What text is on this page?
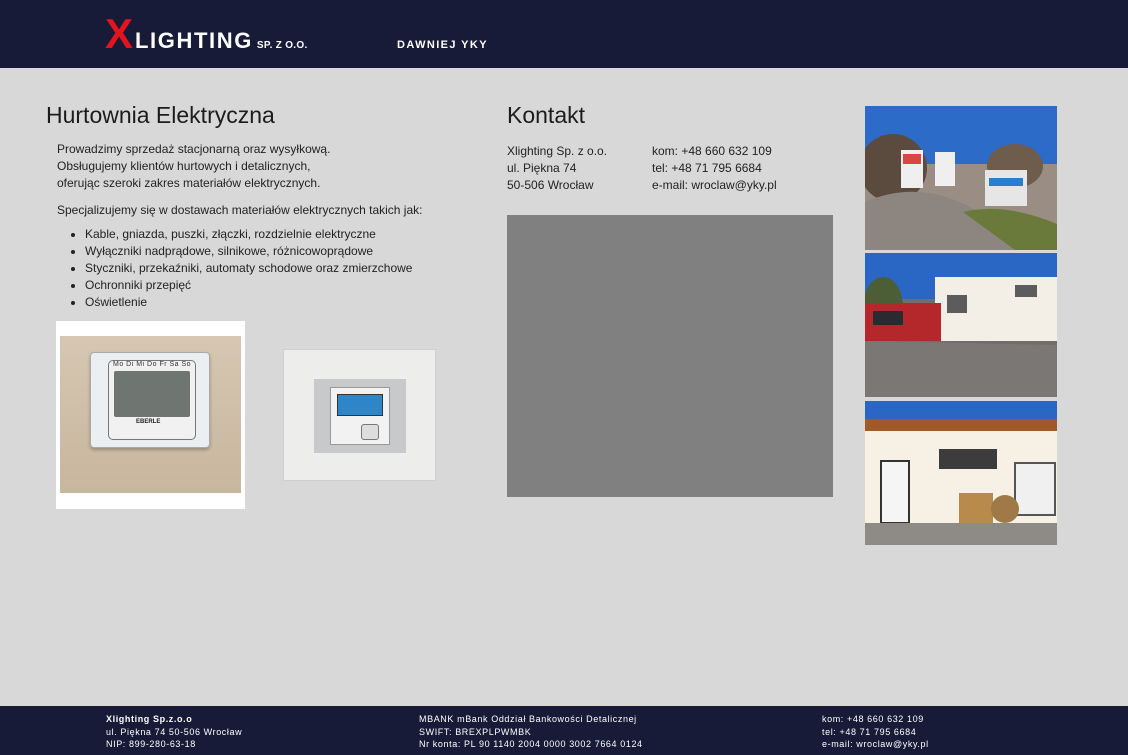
X LIGHTING SP. Z O.O.	DAWNIEJ YKY
Hurtownia Elektryczna
Prowadzimy sprzedaż stacjonarną oraz wysyłkową.
Obsługujemy klientów hurtowych i detalicznych,
oferując szeroki zakres materiałów elektrycznych.
Specjalizujemy się w dostawach materiałów elektrycznych takich jak:
• Kable, gniazda, puszki, złączki, rozdzielnie elektryczne
• Wyłączniki nadprądowe, silnikowe, różnicowoprądowe
• Styczniki, przekaźniki, automaty schodowe oraz zmierzchowe
• Ochronniki przepięć
• Oświetlenie
Mo Di Mi Do Fr Sa So
EBERLE
Kontakt
Xlighting Sp. z o.o.
ul. Piękna 74
50-506 Wrocław
kom: +48 660 632 109
tel: +48 71 795 6684
e-mail: wroclaw@yky.pl
Xlighting Sp.z.o.o
ul. Piękna 74 50-506 Wrocław
NIP: 899-280-63-18
MBANK mBank Oddział Bankowości Detalicznej
SWIFT: BREXPLPWMBK
Nr konta: PL 90 1140 2004 0000 3002 7664 0124
kom: +48 660 632 109
tel: +48 71 795 6684
e-mail: wroclaw@yky.pl
